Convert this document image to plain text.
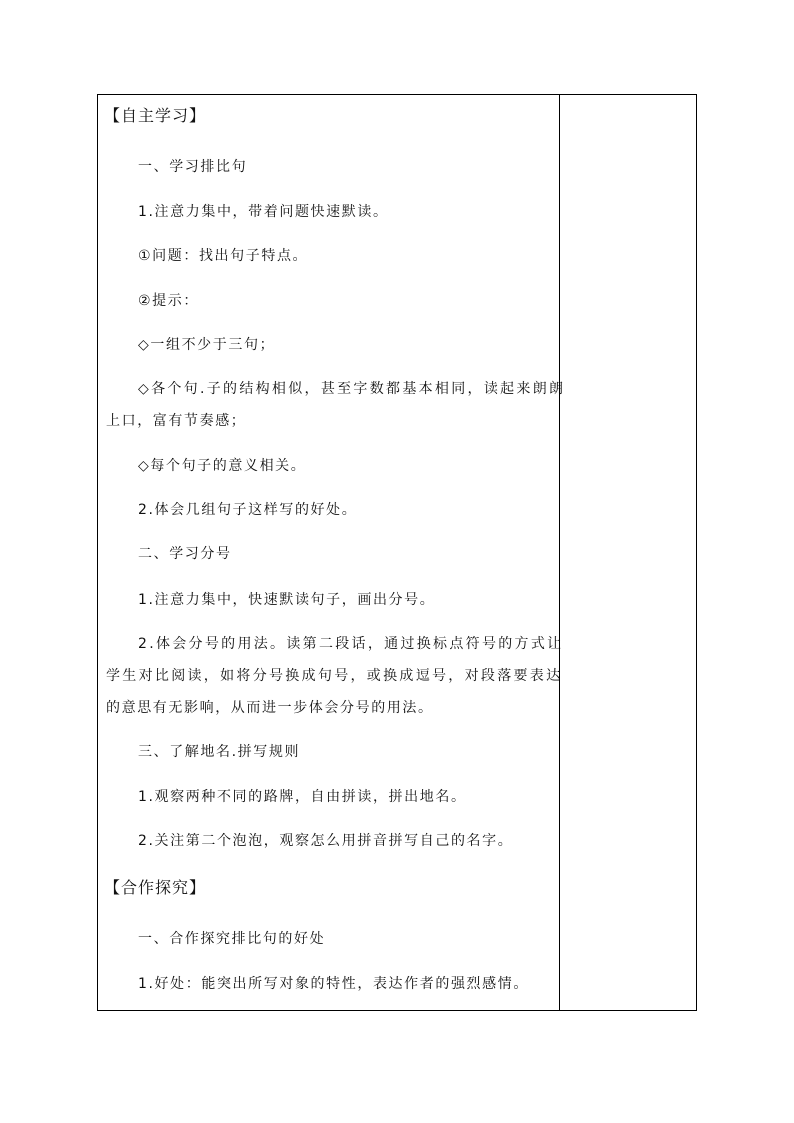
【自主学习】
一、学习排比句
1.注意力集中，带着问题快速默读。
①问题：找出句子特点。
②提示：
◇一组不少于三句；
◇各个句.子的结构相似，甚至字数都基本相同，读起来朗朗
上口，富有节奏感；
◇每个句子的意义相关。
2.体会几组句子这样写的好处。
二、学习分号
1.注意力集中，快速默读句子，画出分号。
2.体会分号的用法。读第二段话，通过换标点符号的方式让
学生对比阅读，如将分号换成句号，或换成逗号，对段落要表达
的意思有无影响，从而进一步体会分号的用法。
三、了解地名.拼写规则
1.观察两种不同的路牌，自由拼读，拼出地名。
2.关注第二个泡泡，观察怎么用拼音拼写自己的名字。
【合作探究】
一、合作探究排比句的好处
1.好处：能突出所写对象的特性，表达作者的强烈感情。
